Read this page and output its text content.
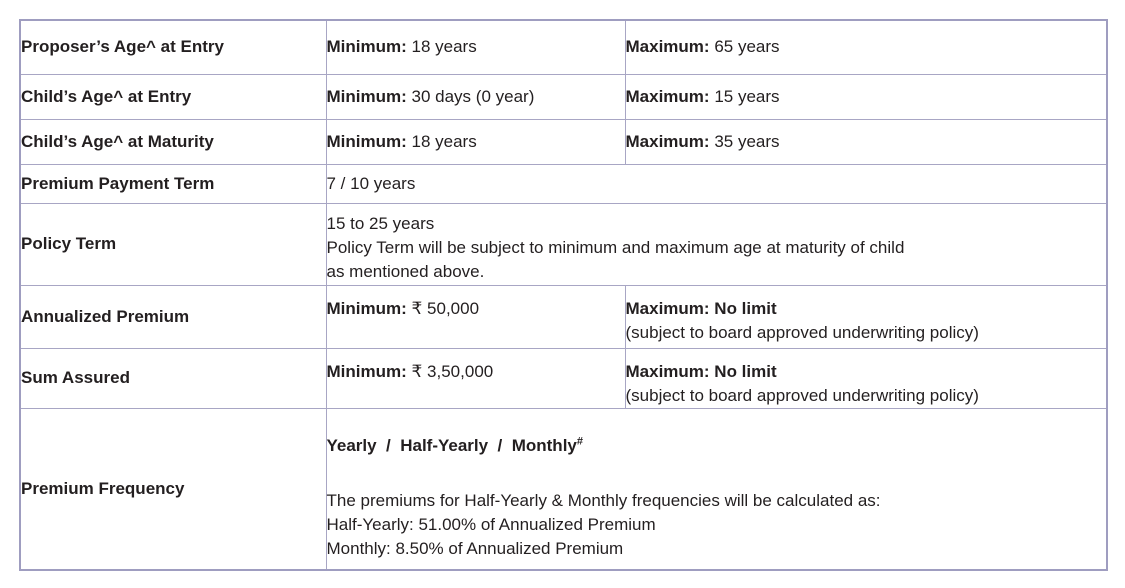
Proposer’s Age^ at Entry	Minimum: 18 years	Maximum: 65 years
Child’s Age^ at Entry	Minimum: 30 days (0 year)	Maximum: 15 years
Child’s Age^ at Maturity	Minimum: 18 years	Maximum: 35 years
Premium Payment Term	7 / 10 years	
Policy Term	15 to 25 years
Policy Term will be subject to minimum and maximum age at maturity of child
as mentioned above.	

Annualized Premium	Minimum: ₹ 50,000	Maximum: No limit
(subject to board approved underwriting policy)

Sum Assured	Minimum: ₹ 3,50,000	Maximum: No limit
(subject to board approved underwriting policy)

Premium Frequency	Yearly  /  Half-Yearly  /  Monthly#
The premiums for Half-Yearly & Monthly frequencies will be calculated as:
Half-Yearly: 51.00% of Annualized Premium
Monthly: 8.50% of Annualized Premium	
